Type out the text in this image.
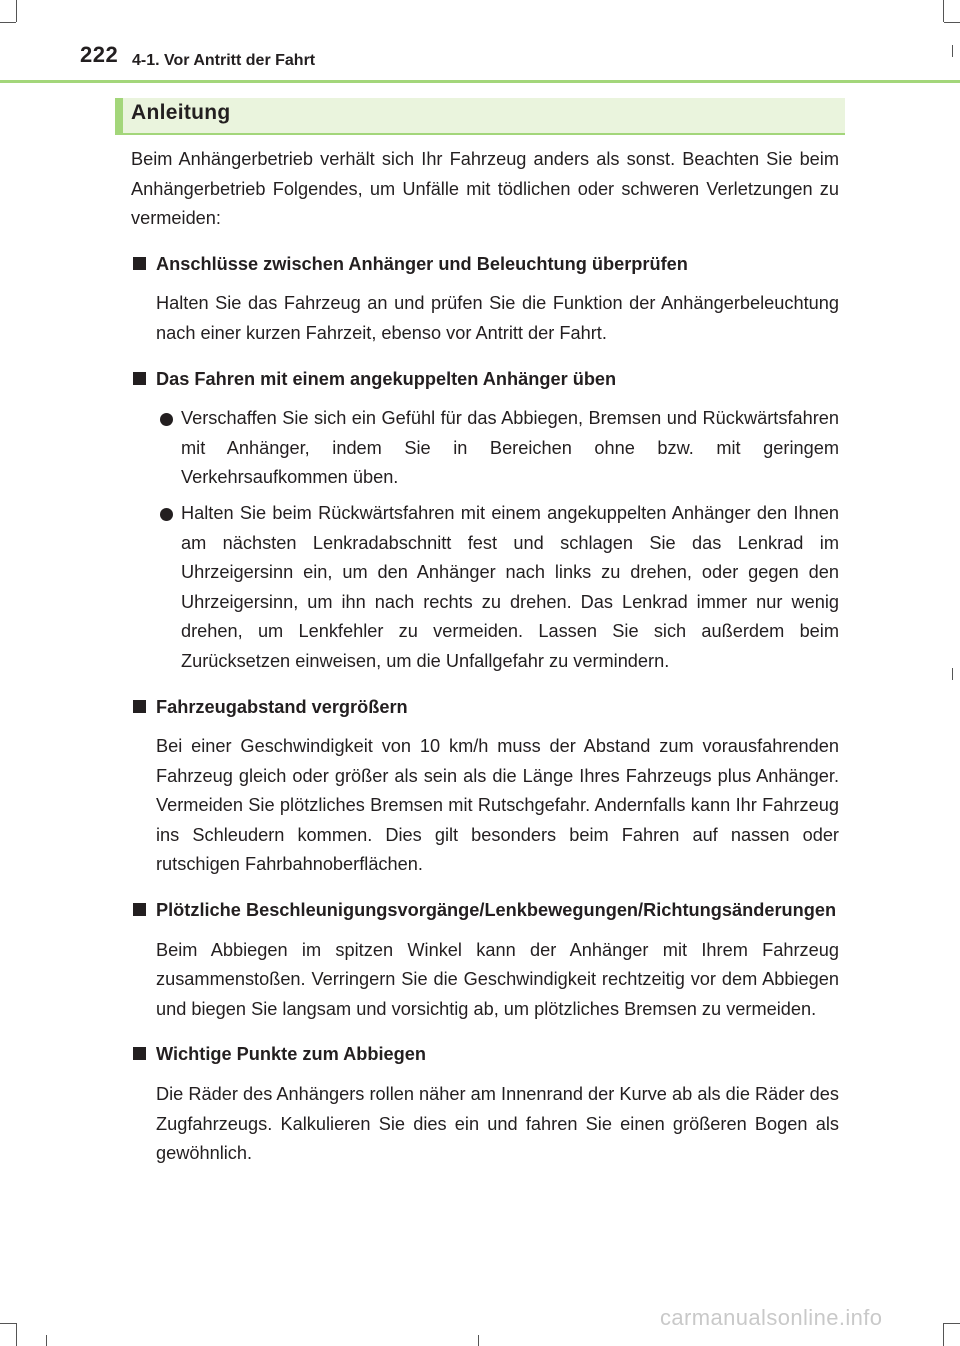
222 4-1. Vor Antritt der Fahrt
Anleitung

Beim Anhängerbetrieb verhält sich Ihr Fahrzeug anders als sonst. Beachten Sie beim Anhängerbetrieb Folgendes, um Unfälle mit tödlichen oder schweren Verletzungen zu vermeiden:

Anschlüsse zwischen Anhänger und Beleuchtung überprüfen

Halten Sie das Fahrzeug an und prüfen Sie die Funktion der Anhängerbeleuchtung nach einer kurzen Fahrzeit, ebenso vor Antritt der Fahrt.

Das Fahren mit einem angekuppelten Anhänger üben

Verschaffen Sie sich ein Gefühl für das Abbiegen, Bremsen und Rückwärtsfahren mit Anhänger, indem Sie in Bereichen ohne bzw. mit geringem Verkehrsaufkommen üben.

Halten Sie beim Rückwärtsfahren mit einem angekuppelten Anhänger den Ihnen am nächsten Lenkradabschnitt fest und schlagen Sie das Lenkrad im Uhrzeigersinn ein, um den Anhänger nach links zu drehen, oder gegen den Uhrzeigersinn, um ihn nach rechts zu drehen. Das Lenkrad immer nur wenig drehen, um Lenkfehler zu vermeiden. Lassen Sie sich außerdem beim Zurücksetzen einweisen, um die Unfallgefahr zu vermindern.

Fahrzeugabstand vergrößern

Bei einer Geschwindigkeit von 10 km/h muss der Abstand zum vorausfahrenden Fahrzeug gleich oder größer als sein als die Länge Ihres Fahrzeugs plus Anhänger. Vermeiden Sie plötzliches Bremsen mit Rutschgefahr. Andernfalls kann Ihr Fahrzeug ins Schleudern kommen. Dies gilt besonders beim Fahren auf nassen oder rutschigen Fahrbahnoberflächen.

Plötzliche Beschleunigungsvorgänge/Lenkbewegungen/Richtungsänderungen

Beim Abbiegen im spitzen Winkel kann der Anhänger mit Ihrem Fahrzeug zusammenstoßen. Verringern Sie die Geschwindigkeit rechtzeitig vor dem Abbiegen und biegen Sie langsam und vorsichtig ab, um plötzliches Bremsen zu vermeiden.

Wichtige Punkte zum Abbiegen

Die Räder des Anhängers rollen näher am Innenrand der Kurve ab als die Räder des Zugfahrzeugs. Kalkulieren Sie dies ein und fahren Sie einen größeren Bogen als gewöhnlich.

carmanualsonline.info
